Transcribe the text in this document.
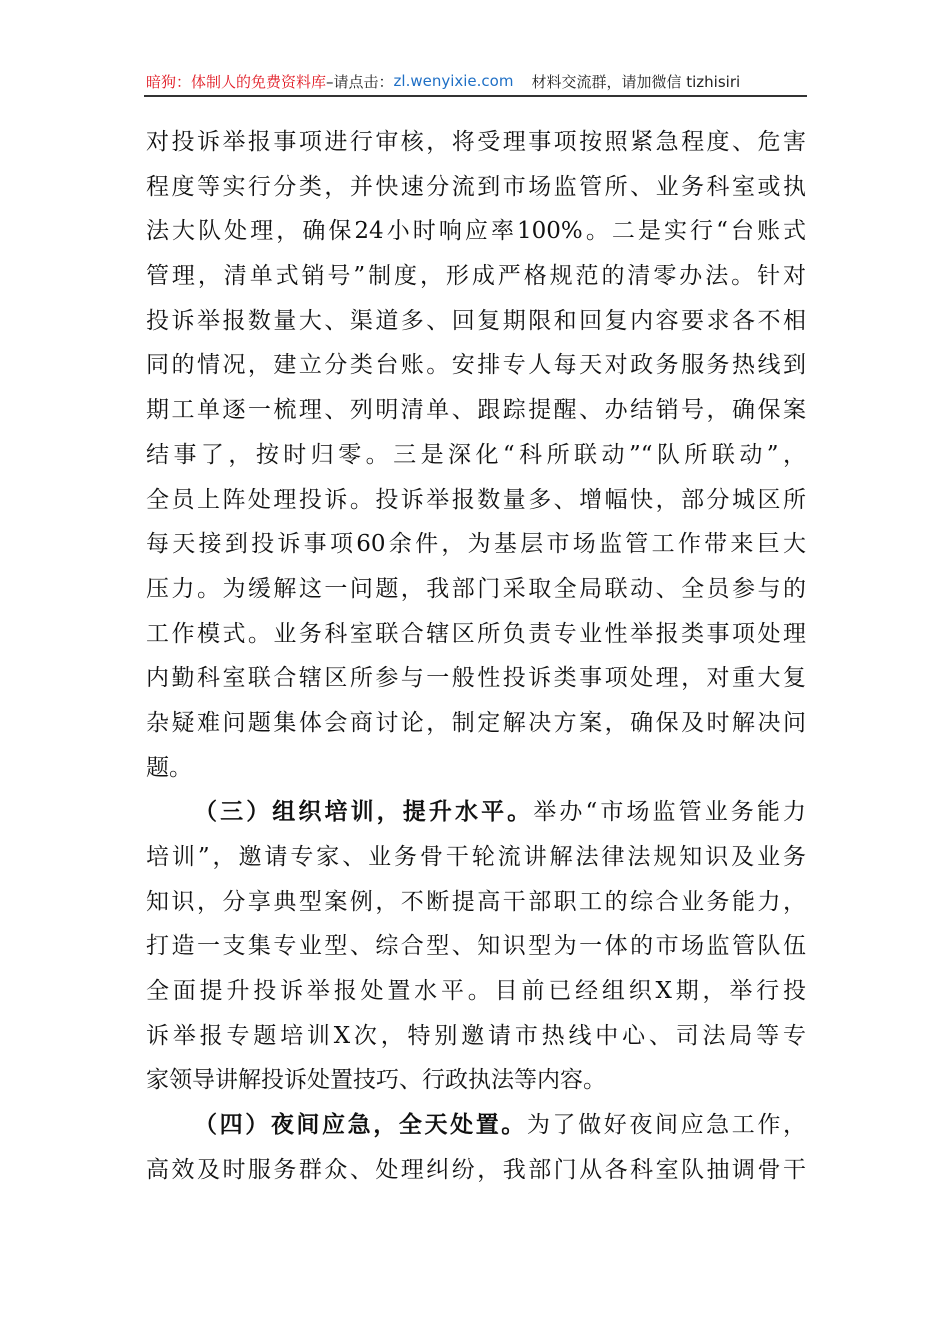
暗狗：体制人的免费资料库 –请点击： zl.wenyixie.com 材料交流群，请加微信 tizhisiri
对投诉举报事项进行审核，将受理事项按照紧急程度、危害
程度等实行分类，并快速分流到市场监管所、业务科室或执
法大队处理，确保24小时响应率100%。二是实行“台账式
管理，清单式销号”制度，形成严格规范的清零办法。针对
投诉举报数量大、渠道多、回复期限和回复内容要求各不相
同的情况，建立分类台账。安排专人每天对政务服务热线到
期工单逐一梳理、列明清单、跟踪提醒、办结销号，确保案
结事了，按时归零。三是深化“科所联动”“队所联动”，
全员上阵处理投诉。投诉举报数量多、增幅快，部分城区所
每天接到投诉事项60余件，为基层市场监管工作带来巨大
压力。为缓解这一问题，我部门采取全局联动、全员参与的
工作模式。业务科室联合辖区所负责专业性举报类事项处理
内勤科室联合辖区所参与一般性投诉类事项处理，对重大复
杂疑难问题集体会商讨论，制定解决方案，确保及时解决问
题。
（三）组织培训，提升水平。举办“市场监管业务能力
培训”，邀请专家、业务骨干轮流讲解法律法规知识及业务
知识，分享典型案例，不断提高干部职工的综合业务能力，
打造一支集专业型、综合型、知识型为一体的市场监管队伍
全面提升投诉举报处置水平。目前已经组织X期，举行投
诉举报专题培训X次，特别邀请市热线中心、司法局等专
家领导讲解投诉处置技巧、行政执法等内容。
（四）夜间应急，全天处置。为了做好夜间应急工作，
高效及时服务群众、处理纠纷，我部门从各科室队抽调骨干
